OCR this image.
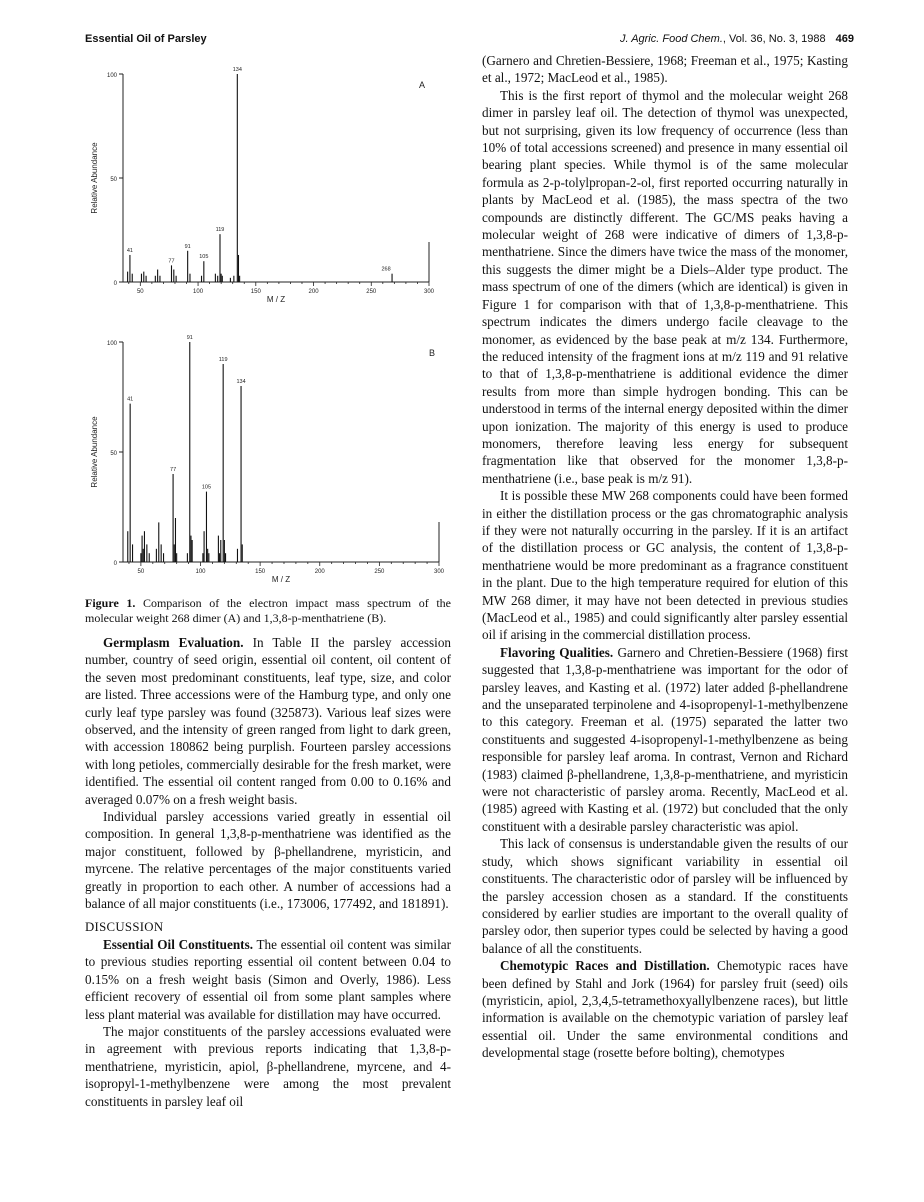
Essential Oil of Parsley	J. Agric. Food Chem., Vol. 36, No. 3, 1988 469
0
50
100
50	100	150	200	250	300
M / Z
Relative Abundance
A
41
77
91
105
119
134
268
0
50
100
50	100	150	200	250	300
M / Z
Relative Abundance
B
41
77
91
105
119
134

Figure 1. Comparison of the electron impact mass spectrum of the molecular weight 268 dimer (A) and 1,3,8-p-menthatriene (B).

Germplasm Evaluation. In Table II the parsley accession number, country of seed origin, essential oil content, oil content of the seven most predominant constituents, leaf type, size, and color are listed. Three accessions were of the Hamburg type, and only one curly leaf type parsley was found (325873). Various leaf sizes were observed, and the intensity of green ranged from light to dark green, with accession 180862 being purplish. Fourteen parsley accessions with long petioles, commercially desirable for the fresh market, were identified. The essential oil content ranged from 0.00 to 0.16% and averaged 0.07% on a fresh weight basis.

Individual parsley accessions varied greatly in essential oil composition. In general 1,3,8-p-menthatriene was identified as the major constituent, followed by β-phellandrene, myristicin, and myrcene. The relative percentages of the major constituents varied greatly in proportion to each other. A number of accessions had a balance of all major constituents (i.e., 173006, 177492, and 181891).

DISCUSSION

Essential Oil Constituents. The essential oil content was similar to previous studies reporting essential oil content between 0.04 to 0.15% on a fresh weight basis (Simon and Overly, 1986). Less efficient recovery of essential oil from some plant samples where less plant material was available for distillation may have occurred.

The major constituents of the parsley accessions evaluated were in agreement with previous reports indicating that 1,3,8-p-menthatriene, myristicin, apiol, β-phellandrene, myrcene, and 4-isopropyl-1-methylbenzene were among the most prevalent constituents in parsley leaf oil

(Garnero and Chretien-Bessiere, 1968; Freeman et al., 1975; Kasting et al., 1972; MacLeod et al., 1985).

This is the first report of thymol and the molecular weight 268 dimer in parsley leaf oil. The detection of thymol was unexpected, but not surprising, given its low frequency of occurrence (less than 10% of total accessions screened) and presence in many essential oil bearing plant species. While thymol is of the same molecular formula as 2-p-tolylpropan-2-ol, first reported occurring naturally in plants by MacLeod et al. (1985), the mass spectra of the two compounds are distinctly different. The GC/MS peaks having a molecular weight of 268 were indicative of dimers of 1,3,8-p-menthatriene. Since the dimers have twice the mass of the monomer, this suggests the dimer might be a Diels–Alder type product. The mass spectrum of one of the dimers (which are identical) is given in Figure 1 for comparison with that of 1,3,8-p-menthatriene. This spectrum indicates the dimers undergo facile cleavage to the monomer, as evidenced by the base peak at m/z 134. Furthermore, the reduced intensity of the fragment ions at m/z 119 and 91 relative to that of 1,3,8-p-menthatriene is additional evidence the dimer results from more than simple hydrogen bonding. This can be understood in terms of the internal energy deposited within the dimer upon ionization. The majority of this energy is used to produce monomers, therefore leaving less energy for subsequent fragmentation like that observed for the monomer 1,3,8-p-menthatriene (i.e., base peak is m/z 91).

It is possible these MW 268 components could have been formed in either the distillation process or the gas chromatographic analysis if they were not naturally occurring in the parsley. If it is an artifact of the distillation process or GC analysis, the content of 1,3,8-p-menthatriene would be more predominant as a fragrance constituent in the plant. Due to the high temperature required for elution of this MW 268 dimer, it may have not been detected in previous studies (MacLeod et al., 1985) and could significantly alter parsley essential oil if arising in the commercial distillation process.

Flavoring Qualities. Garnero and Chretien-Bessiere (1968) first suggested that 1,3,8-p-menthatriene was important for the odor of parsley leaves, and Kasting et al. (1972) later added β-phellandrene and the unseparated terpinolene and 4-isopropenyl-1-methylbenzene to this category. Freeman et al. (1975) separated the latter two constituents and suggested 4-isopropenyl-1-methylbenzene as being responsible for parsley leaf aroma. In contrast, Vernon and Richard (1983) claimed β-phellandrene, 1,3,8-p-menthatriene, and myristicin were not characteristic of parsley aroma. Recently, MacLeod et al. (1985) agreed with Kasting et al. (1972) but concluded that the only constituent with a desirable parsley characteristic was apiol.

This lack of consensus is understandable given the results of our study, which shows significant variability in essential oil constituents. The characteristic odor of parsley will be influenced by the parsley accession chosen as a standard. If the constituents considered by earlier studies are important to the overall quality of parsley odor, then superior types could be selected by having a good balance of all the constituents.

Chemotypic Races and Distillation. Chemotypic races have been defined by Stahl and Jork (1964) for parsley fruit (seed) oils (myristicin, apiol, 2,3,4,5-tetramethoxyallylbenzene races), but little information is available on the chemotypic variation of parsley leaf essential oil. Under the same environmental conditions and developmental stage (rosette before bolting), chemotypes
